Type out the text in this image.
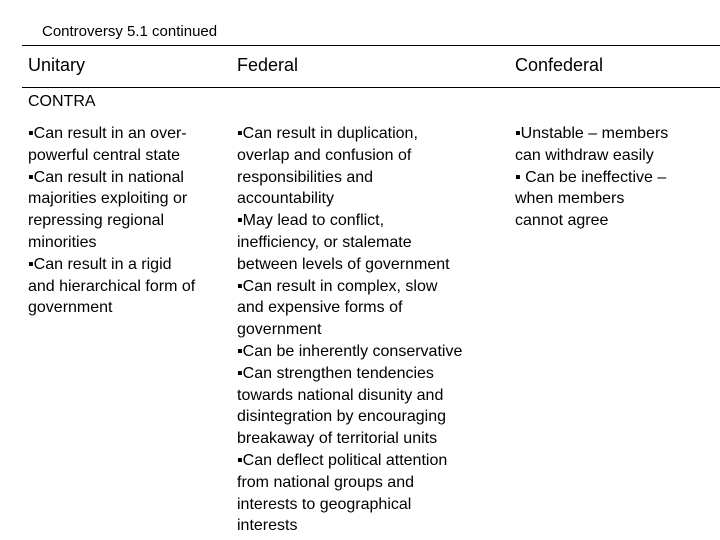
Controversy 5.1 continued
Unitary	Federal	Confederal
CONTRA
▪Can result in an over-
powerful central state
▪Can result in national
majorities exploiting or
repressing regional
minorities
▪Can result in a rigid
and hierarchical form of
government
▪Can result in duplication,
overlap and confusion of
responsibilities and
accountability
▪May lead to conflict,
inefficiency, or stalemate
between levels of government
▪Can result in complex, slow
and expensive forms of
government
▪Can be inherently conservative
▪Can strengthen tendencies
towards national disunity and
disintegration by encouraging
breakaway of territorial units
▪Can deflect political attention
from national groups and
interests to geographical
interests
▪Unstable – members
can withdraw easily
▪ Can be ineffective –
when members
cannot agree
